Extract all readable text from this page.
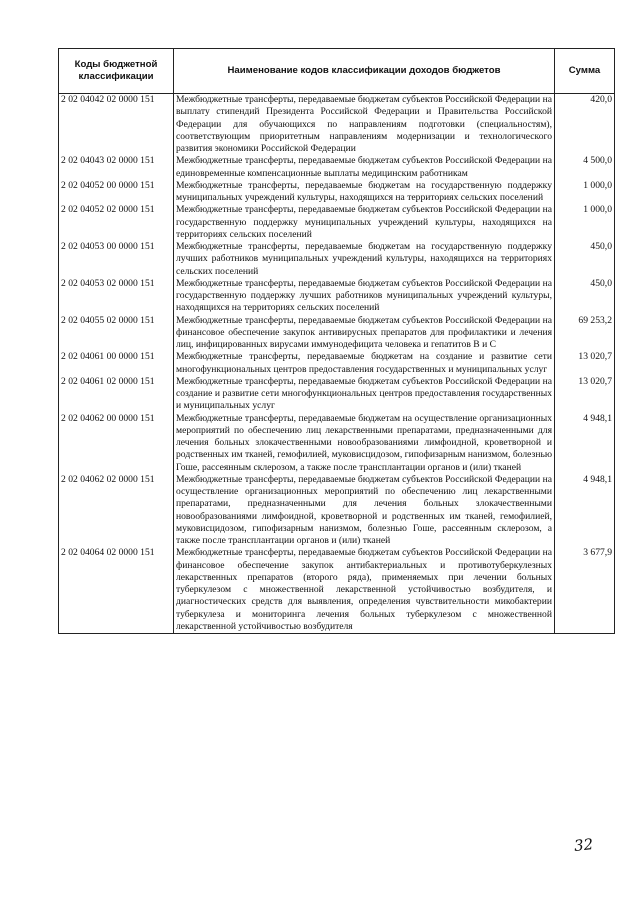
Коды бюджетной классификации	Наименование кодов классификации доходов бюджетов	Сумма
2 02 04042 02 0000 151	Межбюджетные трансферты, передаваемые бюджетам субъектов Российской Федерации на выплату стипендий Президента Российской Федерации и Правительства Российской Федерации для обучающихся по направлениям подготовки (специальностям), соответствующим приоритетным направлениям модернизации и технологического развития экономики Российской Федерации	420,0
2 02 04043 02 0000 151	Межбюджетные трансферты, передаваемые бюджетам субъектов Российской Федерации на единовременные компенсационные выплаты медицинским работникам	4 500,0
2 02 04052 00 0000 151	Межбюджетные трансферты, передаваемые бюджетам на государственную поддержку муниципальных учреждений культуры, находящихся на территориях сельских поселений	1 000,0
2 02 04052 02 0000 151	Межбюджетные трансферты, передаваемые бюджетам субъектов Российской Федерации на государственную поддержку муниципальных учреждений культуры, находящихся на территориях сельских поселений	1 000,0
2 02 04053 00 0000 151	Межбюджетные трансферты, передаваемые бюджетам на государственную поддержку лучших работников муниципальных учреждений культуры, находящихся на территориях сельских поселений	450,0
2 02 04053 02 0000 151	Межбюджетные трансферты, передаваемые бюджетам субъектов Российской Федерации на государственную поддержку лучших работников муниципальных учреждений культуры, находящихся на территориях сельских поселений	450,0
2 02 04055 02 0000 151	Межбюджетные трансферты, передаваемые бюджетам субъектов Российской Федерации на финансовое обеспечение закупок антивирусных препаратов для профилактики и лечения лиц, инфицированных вирусами иммунодефицита человека и гепатитов В и С	69 253,2
2 02 04061 00 0000 151	Межбюджетные трансферты, передаваемые бюджетам на создание и развитие сети многофункциональных центров предоставления государственных и муниципальных услуг	13 020,7
2 02 04061 02 0000 151	Межбюджетные трансферты, передаваемые бюджетам субъектов Российской Федерации на создание и развитие сети многофункциональных центров предоставления государственных и муниципальных услуг	13 020,7
2 02 04062 00 0000 151	Межбюджетные трансферты, передаваемые бюджетам на осуществление организационных мероприятий по обеспечению лиц лекарственными препаратами, предназначенными для лечения больных злокачественными новообразованиями лимфоидной, кроветворной и родственных им тканей, гемофилией, муковисцидозом, гипофизарным нанизмом, болезнью Гоше, рассеянным склерозом, а также после трансплантации органов и (или) тканей	4 948,1
2 02 04062 02 0000 151	Межбюджетные трансферты, передаваемые бюджетам субъектов Российской Федерации на осуществление организационных мероприятий по обеспечению лиц лекарственными препаратами, предназначенными для лечения больных злокачественными новообразованиями лимфоидной, кроветворной и родственных им тканей, гемофилией, муковисцидозом, гипофизарным нанизмом, болезнью Гоше, рассеянным склерозом, а также после трансплантации органов и (или) тканей	4 948,1
2 02 04064 02 0000 151	Межбюджетные трансферты, передаваемые бюджетам субъектов Российской Федерации на финансовое обеспечение закупок антибактериальных и противотуберкулезных лекарственных препаратов (второго ряда), применяемых при лечении больных туберкулезом с множественной лекарственной устойчивостью возбудителя, и диагностических средств для выявления, определения чувствительности микобактерии туберкулеза и мониторинга лечения больных туберкулезом с множественной лекарственной устойчивостью возбудителя	3 677,9
32
